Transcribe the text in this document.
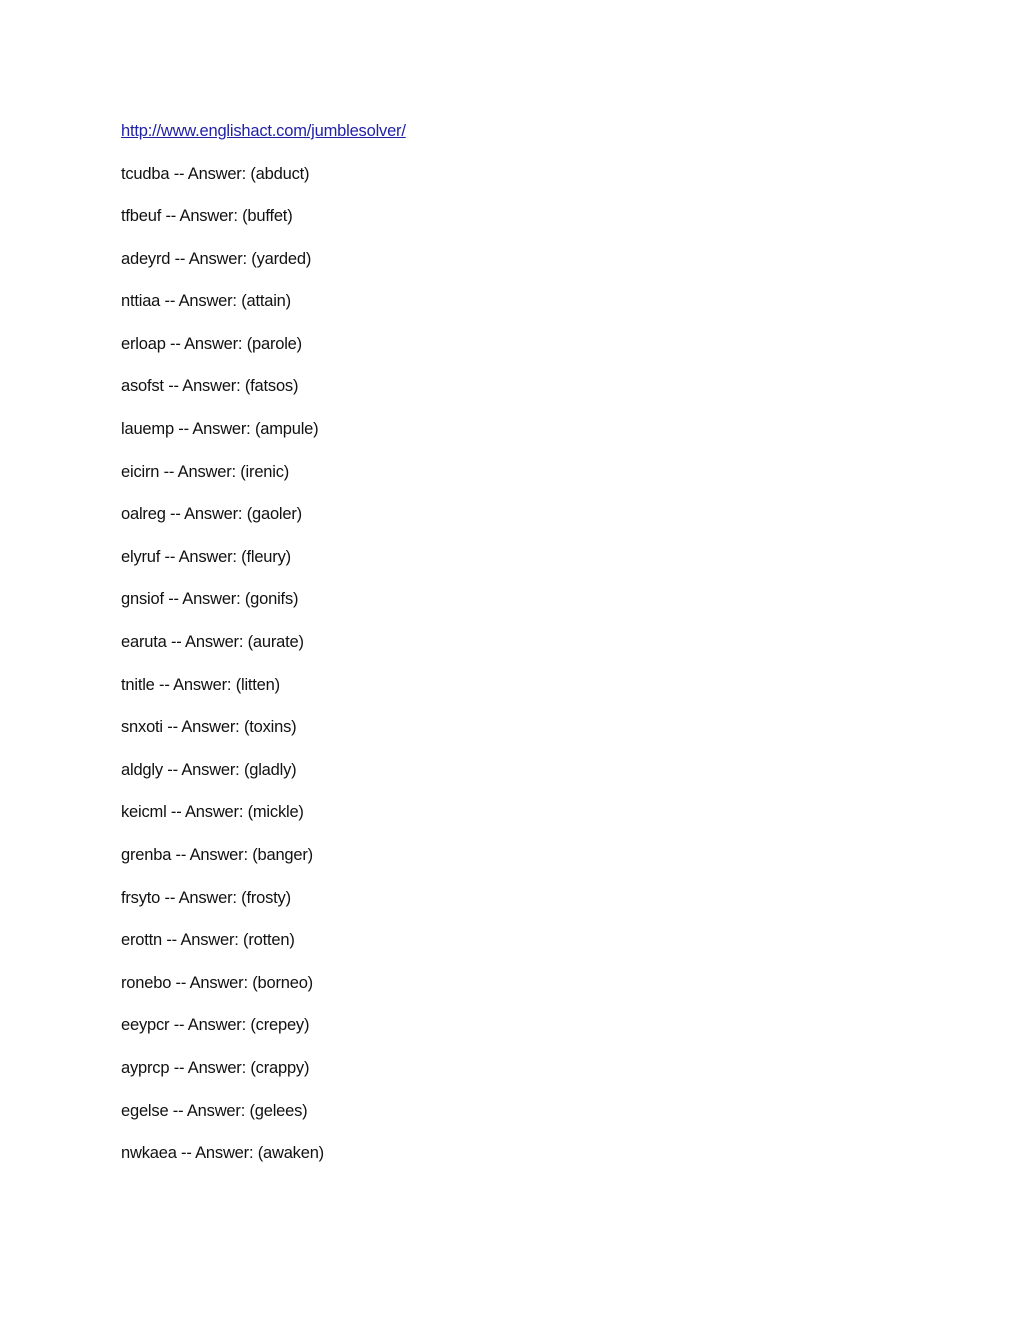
http://www.englishact.com/jumblesolver/
tcudba -- Answer: (abduct)
tfbeuf -- Answer: (buffet)
adeyrd -- Answer: (yarded)
nttiaa -- Answer: (attain)
erloap -- Answer: (parole)
asofst -- Answer: (fatsos)
lauemp -- Answer: (ampule)
eicirn -- Answer: (irenic)
oalreg -- Answer: (gaoler)
elyruf -- Answer: (fleury)
gnsiof -- Answer: (gonifs)
earuta -- Answer: (aurate)
tnitle -- Answer: (litten)
snxoti -- Answer: (toxins)
aldgly -- Answer: (gladly)
keicml -- Answer: (mickle)
grenba -- Answer: (banger)
frsyto -- Answer: (frosty)
erottn -- Answer: (rotten)
ronebo -- Answer: (borneo)
eeypcr -- Answer: (crepey)
ayprcp -- Answer: (crappy)
egelse -- Answer: (gelees)
nwkaea -- Answer: (awaken)
